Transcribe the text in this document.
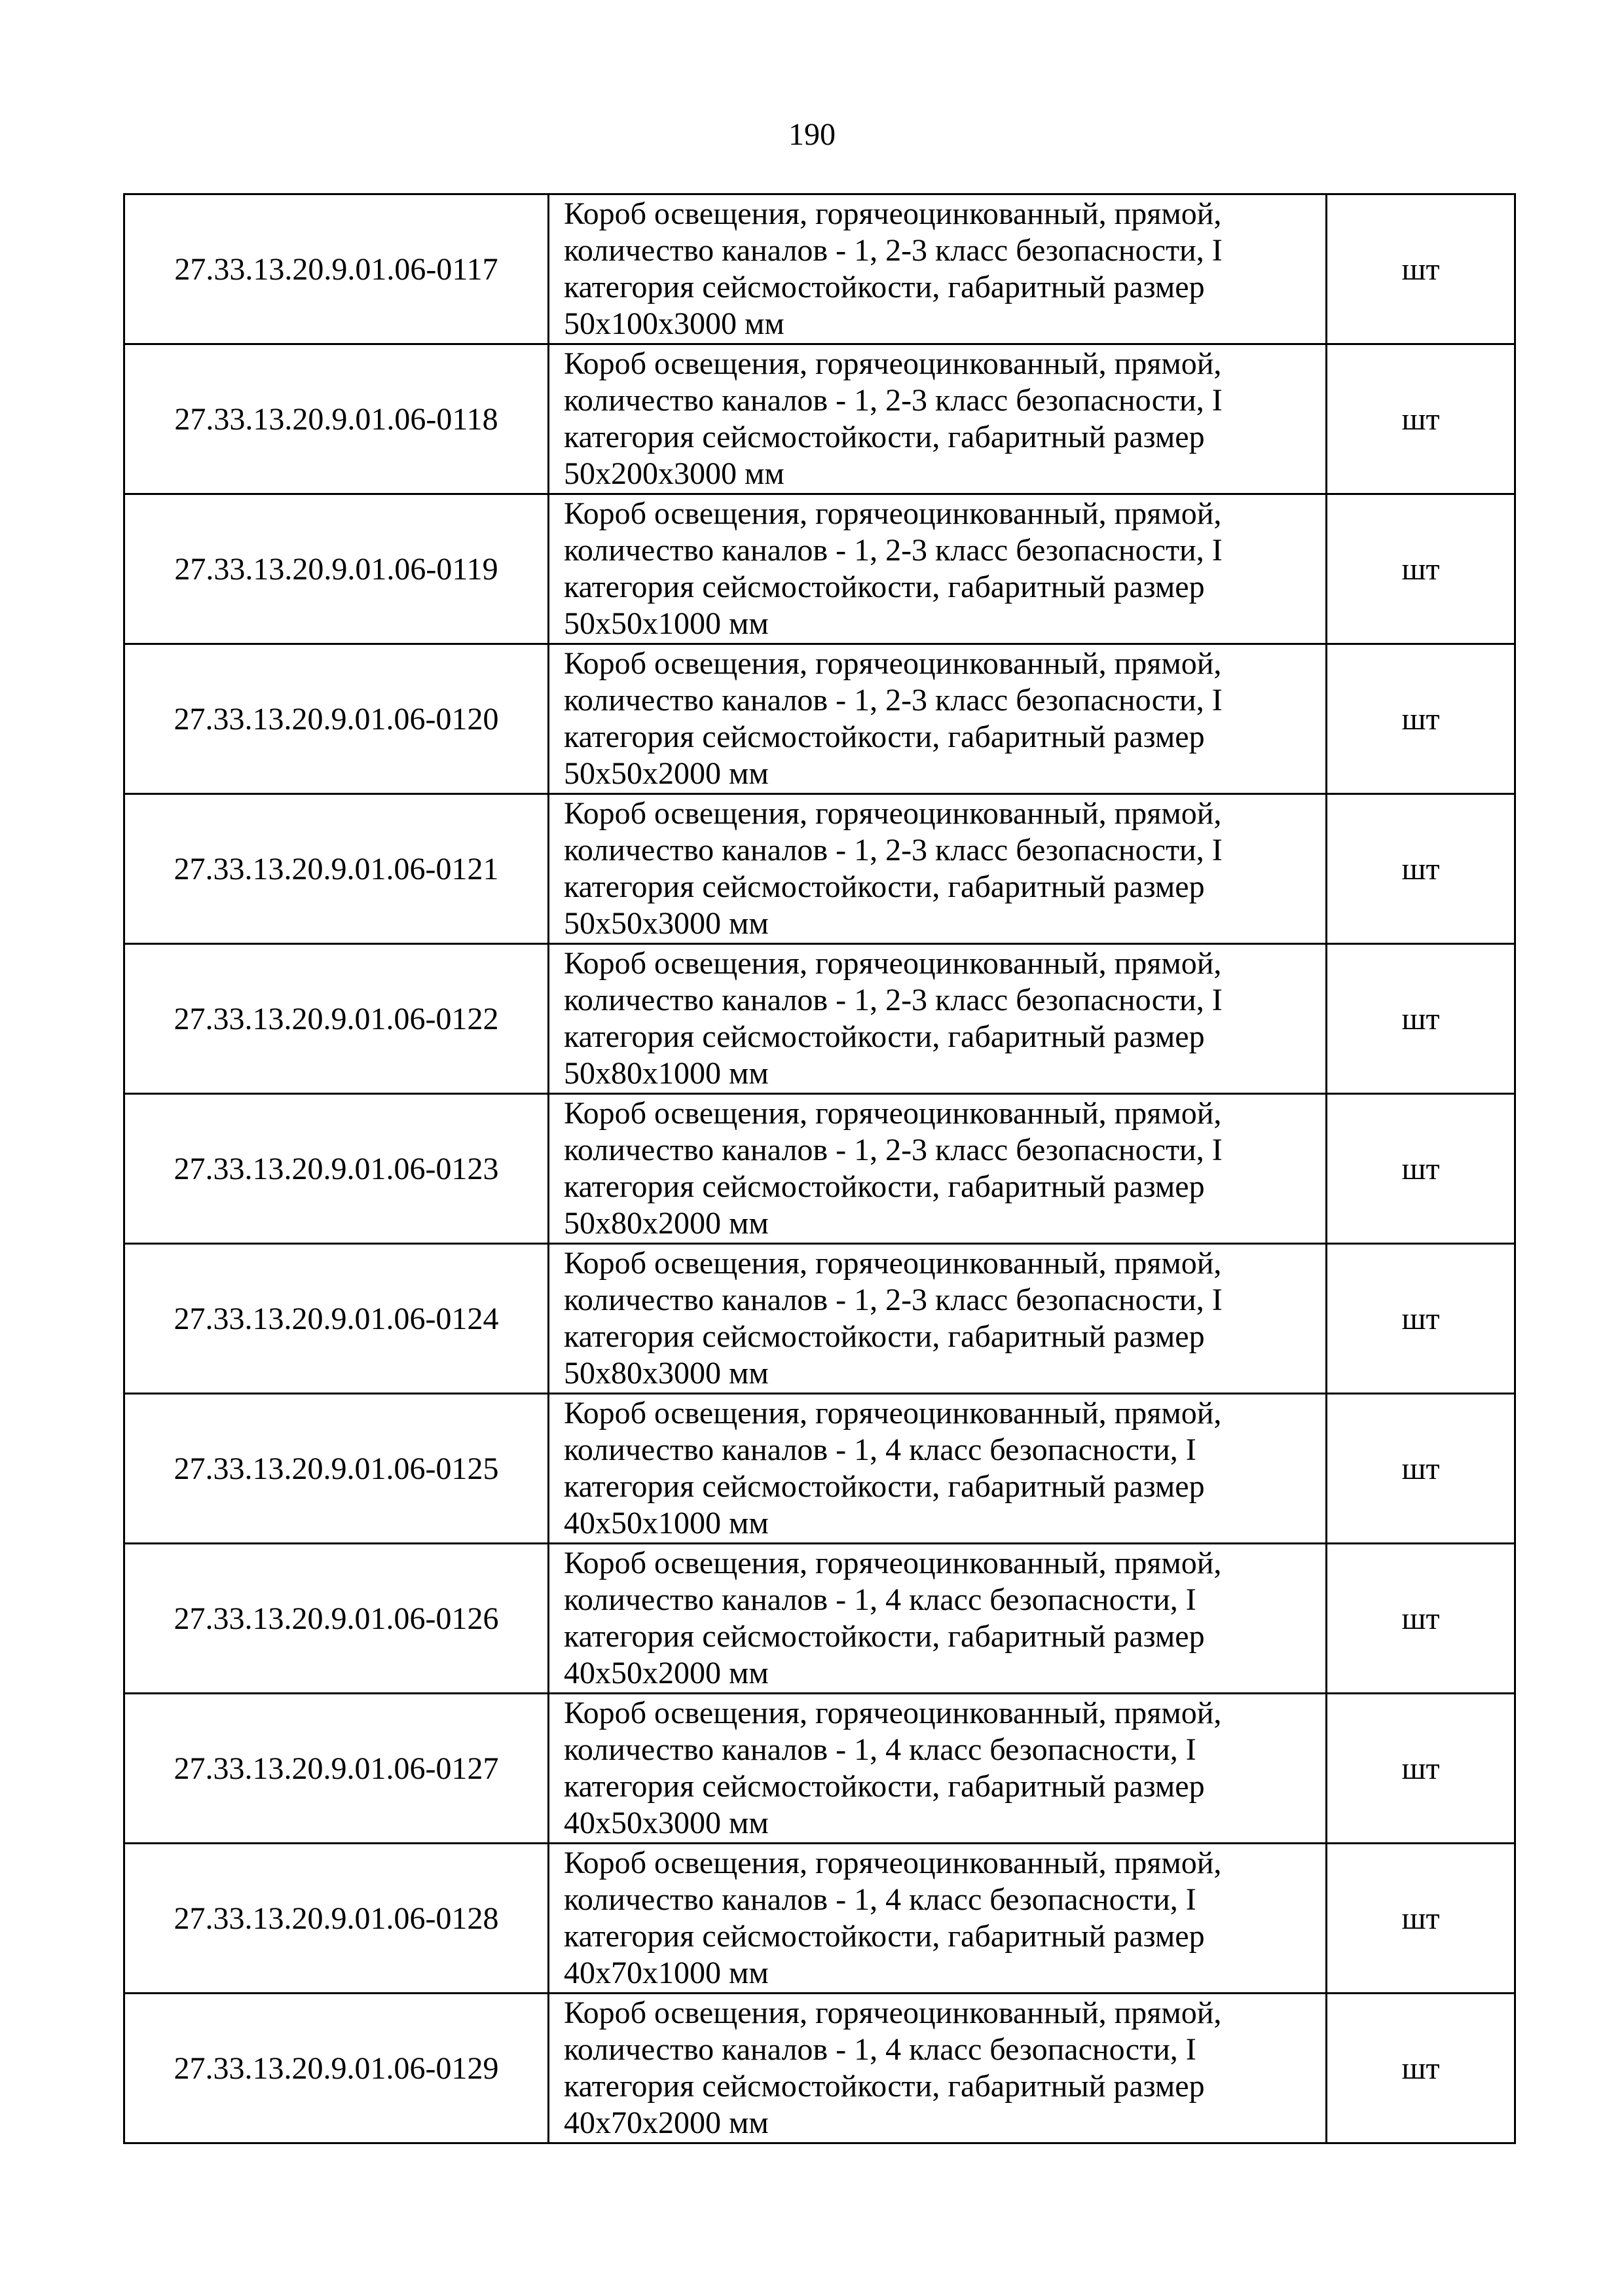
190
27.33.13.20.9.01.06-0117	Короб освещения, горячеоцинкованный, прямой, количество каналов - 1, 2-3 класс безопасности, I категория сейсмостойкости, габаритный размер 50х100х3000 мм	шт
27.33.13.20.9.01.06-0118	Короб освещения, горячеоцинкованный, прямой, количество каналов - 1, 2-3 класс безопасности, I категория сейсмостойкости, габаритный размер 50х200х3000 мм	шт
27.33.13.20.9.01.06-0119	Короб освещения, горячеоцинкованный, прямой, количество каналов - 1, 2-3 класс безопасности, I категория сейсмостойкости, габаритный размер 50х50х1000 мм	шт
27.33.13.20.9.01.06-0120	Короб освещения, горячеоцинкованный, прямой, количество каналов - 1, 2-3 класс безопасности, I категория сейсмостойкости, габаритный размер 50х50х2000 мм	шт
27.33.13.20.9.01.06-0121	Короб освещения, горячеоцинкованный, прямой, количество каналов - 1, 2-3 класс безопасности, I категория сейсмостойкости, габаритный размер 50х50х3000 мм	шт
27.33.13.20.9.01.06-0122	Короб освещения, горячеоцинкованный, прямой, количество каналов - 1, 2-3 класс безопасности, I категория сейсмостойкости, габаритный размер 50х80х1000 мм	шт
27.33.13.20.9.01.06-0123	Короб освещения, горячеоцинкованный, прямой, количество каналов - 1, 2-3 класс безопасности, I категория сейсмостойкости, габаритный размер 50х80х2000 мм	шт
27.33.13.20.9.01.06-0124	Короб освещения, горячеоцинкованный, прямой, количество каналов - 1, 2-3 класс безопасности, I категория сейсмостойкости, габаритный размер 50х80х3000 мм	шт
27.33.13.20.9.01.06-0125	Короб освещения, горячеоцинкованный, прямой, количество каналов - 1, 4 класс безопасности, I категория сейсмостойкости, габаритный размер 40х50х1000 мм	шт
27.33.13.20.9.01.06-0126	Короб освещения, горячеоцинкованный, прямой, количество каналов - 1, 4 класс безопасности, I категория сейсмостойкости, габаритный размер 40х50х2000 мм	шт
27.33.13.20.9.01.06-0127	Короб освещения, горячеоцинкованный, прямой, количество каналов - 1, 4 класс безопасности, I категория сейсмостойкости, габаритный размер 40х50х3000 мм	шт
27.33.13.20.9.01.06-0128	Короб освещения, горячеоцинкованный, прямой, количество каналов - 1, 4 класс безопасности, I категория сейсмостойкости, габаритный размер 40х70х1000 мм	шт
27.33.13.20.9.01.06-0129	Короб освещения, горячеоцинкованный, прямой, количество каналов - 1, 4 класс безопасности, I категория сейсмостойкости, габаритный размер 40х70х2000 мм	шт
